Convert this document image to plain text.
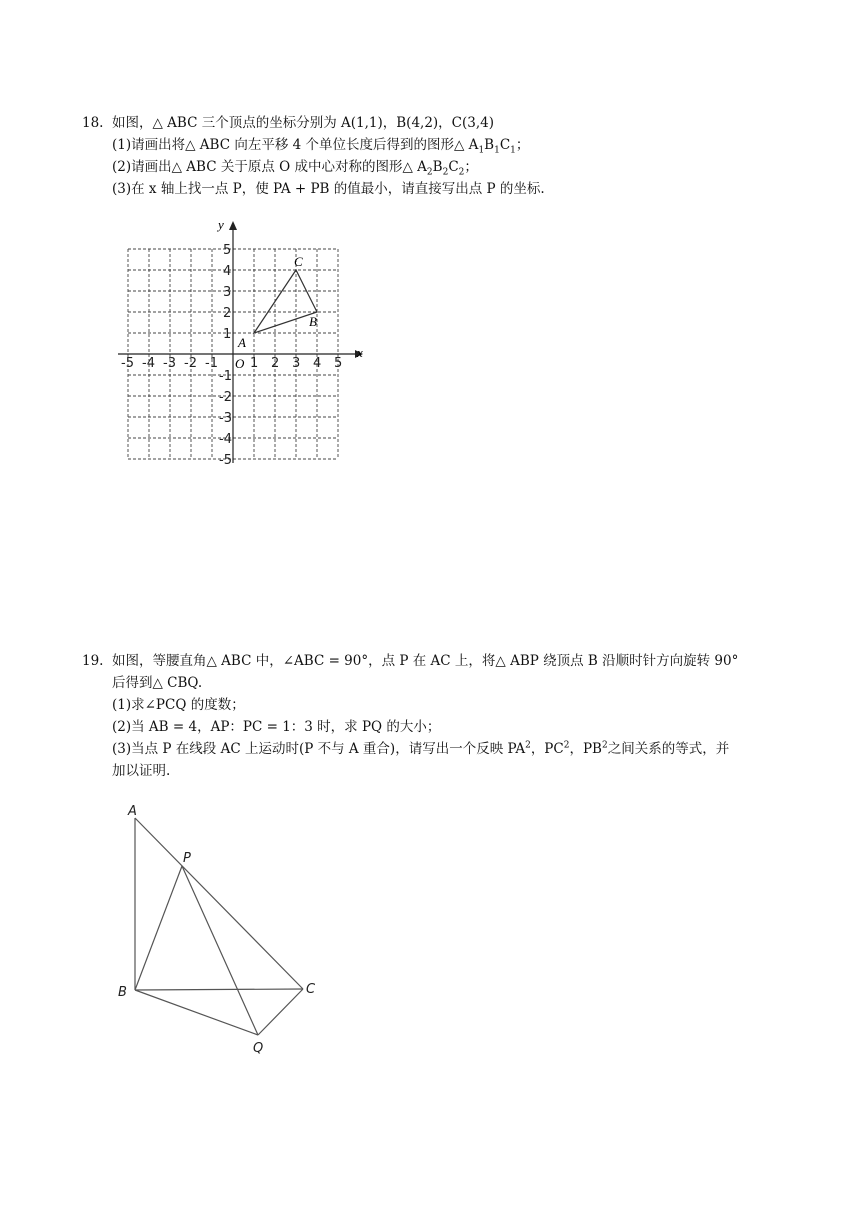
18. 如图，△ ABC 三个顶点的坐标分别为 A(1,1)，B(4,2)，C(3,4)
(1)请画出将△ ABC 向左平移 4 个单位长度后得到的图形△ $A_1B_1C_1$；
(2)请画出△ ABC 关于原点 O 成中心对称的图形△ $A_2B_2C_2$；
(3)在 x 轴上找一点 P，使 PA + PB 的值最小，请直接写出点 P 的坐标.
x
y
O
-5 -4 -3 -2 -1 1 2 3 4 5
5
4
3
2
1
-1
-2
-3
-4
-5
A
B
C
19. 如图，等腰直角△ ABC 中，∠ABC = 90°，点 P 在 AC 上，将△ ABP 绕顶点 B 沿顺时针方向旋转 90°
后得到△ CBQ.
(1)求∠PCQ 的度数；
(2)当 AB = 4，AP：PC = 1：3 时，求 PQ 的大小；
(3)当点 P 在线段 AC 上运动时(P 不与 A 重合)，请写出一个反映 $PA^2$，$PC^2$，$PB^2$之间关系的等式，并
加以证明.
A
B	C
P
Q
